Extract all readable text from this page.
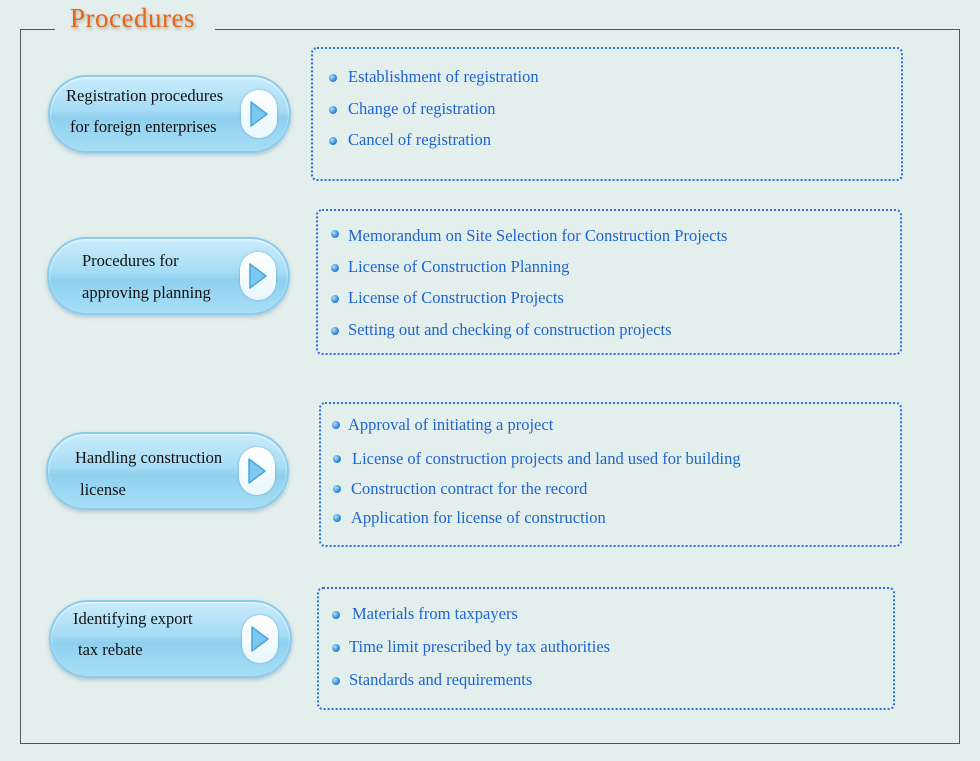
Procedures
Registration procedures
for foreign enterprises
Establishment of registration
Change of registration
Cancel of registration
Procedures for
approving planning
Memorandum on Site Selection for Construction Projects
License of Construction Planning
License of Construction Projects
Setting out and checking of construction projects
Handling construction
license
Approval of initiating a project
License of construction projects and land used for building
Construction contract for the record
Application for license of construction
Identifying export
tax rebate
Materials from taxpayers
Time limit prescribed by tax authorities
Standards and requirements
